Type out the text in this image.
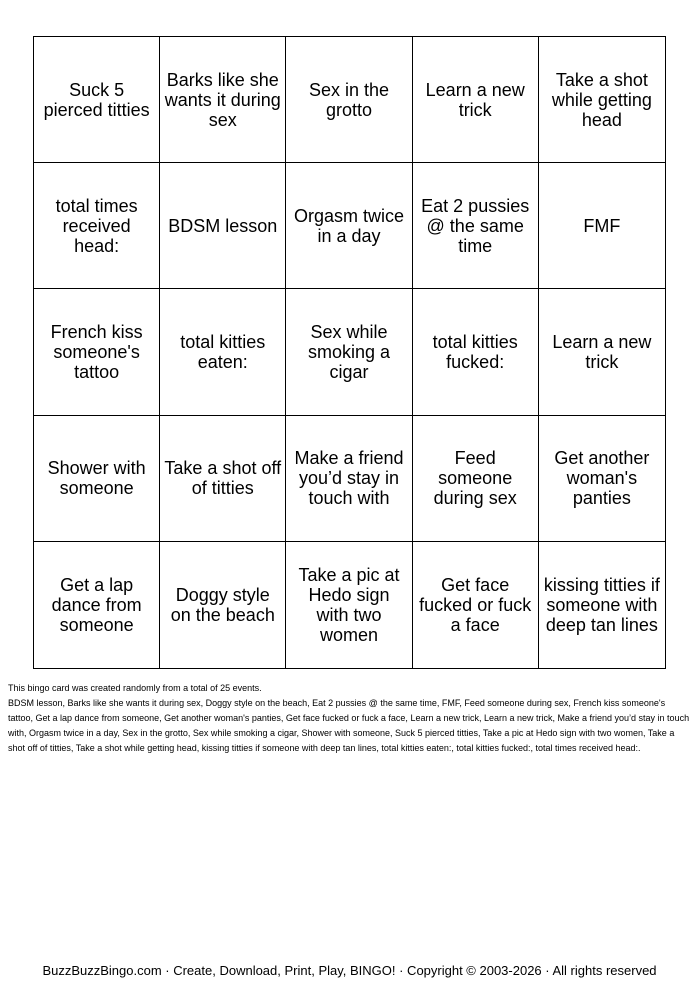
Suck 5 pierced titties
Barks like she wants it during sex
Sex in the grotto
Learn a new trick
Take a shot while getting head
total times received head:
BDSM lesson Orgasm twice in a day
Eat 2 pussies @ the same time
FMF
French kiss someone's tattoo
total kitties eaten:
Sex while smoking a cigar
total kitties fucked:
Learn a new trick
Shower with someone
Take a shot off of titties
Make a friend you’d stay in touch with
Feed someone during sex
Get another woman's panties
Get a lap dance from someone
Doggy style on the beach
Take a pic at Hedo sign with two women
Get face fucked or fuck a face
kissing titties if someone with deep tan lines

This bingo card was created randomly from a total of 25 events.

BDSM lesson, Barks like she wants it during sex, Doggy style on the beach, Eat 2 pussies @ the same time, FMF, Feed someone during sex, French kiss someone's tattoo, Get a lap dance from someone, Get another woman's panties, Get face fucked or fuck a face, Learn a new trick, Learn a new trick, Make a friend you’d stay in touch with, Orgasm twice in a day, Sex in the grotto, Sex while smoking a cigar, Shower with someone, Suck 5 pierced titties, Take a pic at Hedo sign with two women, Take a shot off of titties, Take a shot while getting head, kissing titties if someone with deep tan lines, total kitties eaten:, total kitties fucked:, total times received head:.

BuzzBuzzBingo.com · Create, Download, Print, Play, BINGO! · Copyright © 2003-2026 · All rights reserved
